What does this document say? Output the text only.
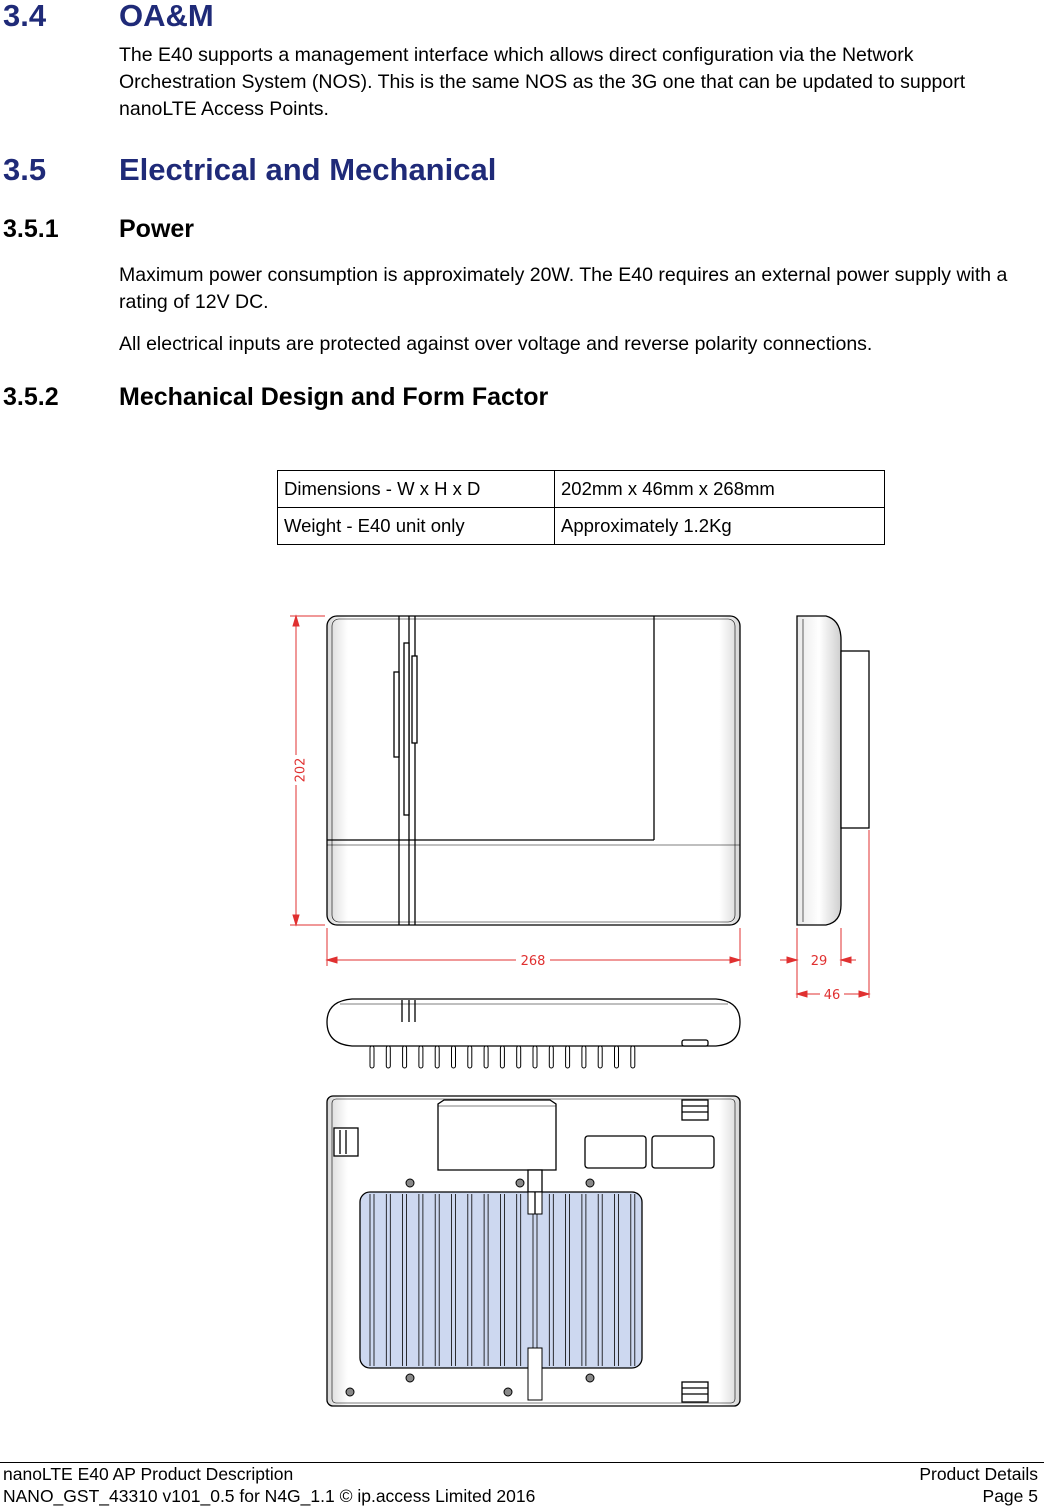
3.4 OA&M

The E40 supports a management interface which allows direct configuration via the Network Orchestration System (NOS). This is the same NOS as the 3G one that can be updated to support nanoLTE Access Points.

3.5 Electrical and Mechanical
3.5.1 Power

Maximum power consumption is approximately 20W. The E40 requires an external power supply with a rating of 12V DC.

All electrical inputs are protected against over voltage and reverse polarity connections.

3.5.2 Mechanical Design and Form Factor
Dimensions - W x H x D	202mm x 46mm x 268mm
Weight - E40 unit only	Approximately 1.2Kg
202
268	29
46
nanoLTE E40 AP Product Description
NANO_GST_43310 v101_0.5 for N4G_1.1 © ip.access Limited 2016
Product Details
Page 5
